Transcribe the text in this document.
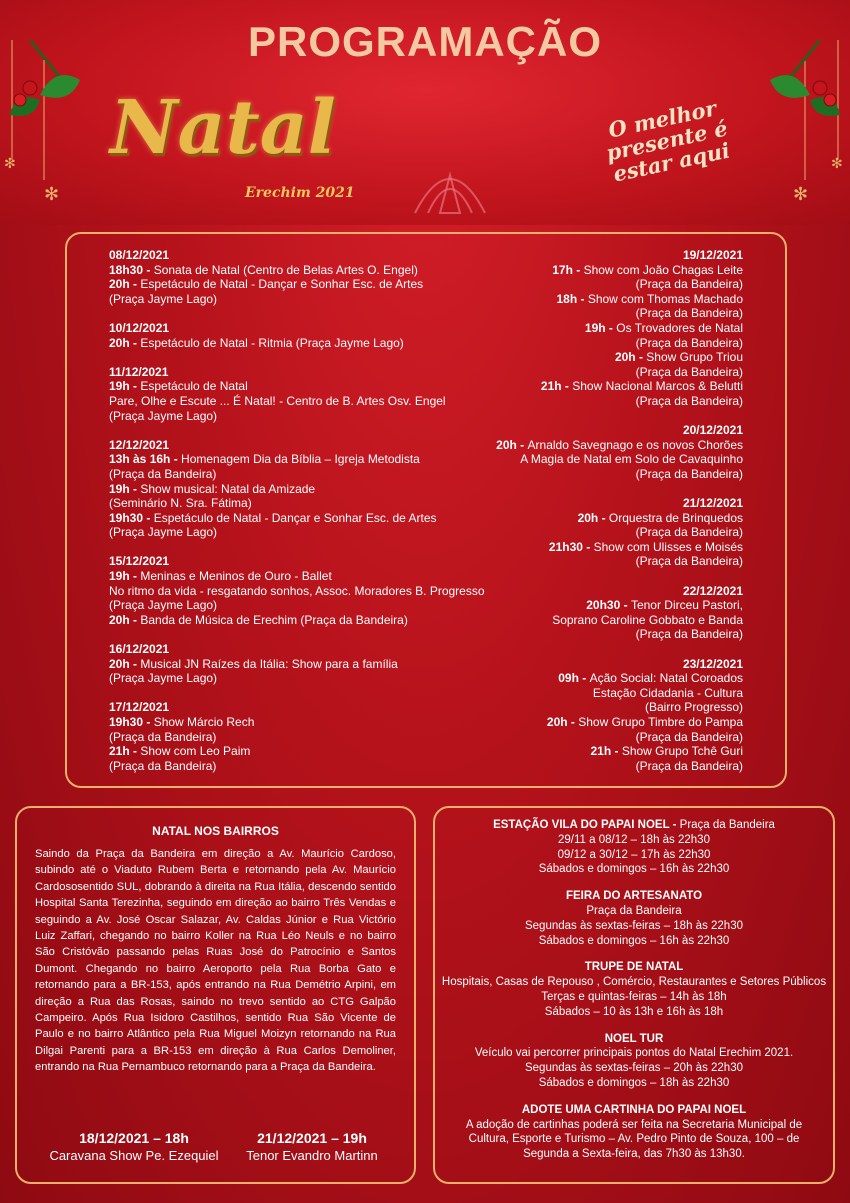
PROGRAMAÇÃO
✻
✻
✻
✻
Natal
Erechim 2021
O melhor presente é estar aqui
08/12/2021
18h30 - Sonata de Natal (Centro de Belas Artes O. Engel)
20h - Espetáculo de Natal - Dançar e Sonhar Esc. de Artes
(Praça Jayme Lago)
10/12/2021
20h - Espetáculo de Natal - Ritmia (Praça Jayme Lago)
11/12/2021
19h - Espetáculo de Natal
Pare, Olhe e Escute ... É Natal! - Centro de B. Artes Osv. Engel
(Praça Jayme Lago)
12/12/2021
13h às 16h - Homenagem Dia da Bíblia – Igreja Metodista
(Praça da Bandeira)
19h - Show musical: Natal da Amizade
(Seminário N. Sra. Fátima)
19h30 - Espetáculo de Natal - Dançar e Sonhar Esc. de Artes
(Praça Jayme Lago)
15/12/2021
19h - Meninas e Meninos de Ouro - Ballet
No ritmo da vida - resgatando sonhos, Assoc. Moradores B. Progresso
(Praça Jayme Lago)
20h - Banda de Música de Erechim (Praça da Bandeira)
16/12/2021
20h - Musical JN Raízes da Itália: Show para a família
(Praça Jayme Lago)
17/12/2021
19h30 - Show Márcio Rech
(Praça da Bandeira)
21h - Show com Leo Paim
(Praça da Bandeira)
19/12/2021
17h - Show com João Chagas Leite
(Praça da Bandeira)
18h - Show com Thomas Machado
(Praça da Bandeira)
19h - Os Trovadores de Natal
(Praça da Bandeira)
20h - Show Grupo Triou
(Praça da Bandeira)
21h - Show Nacional Marcos & Belutti
(Praça da Bandeira)
20/12/2021
20h - Arnaldo Savegnago e os novos Chorões
A Magia de Natal em Solo de Cavaquinho
(Praça da Bandeira)
21/12/2021
20h - Orquestra de Brinquedos
(Praça da Bandeira)
21h30 - Show com Ulisses e Moisés
(Praça da Bandeira)
22/12/2021
20h30 - Tenor Dirceu Pastori,
Soprano Caroline Gobbato e Banda
(Praça da Bandeira)
23/12/2021
09h - Ação Social: Natal Coroados
Estação Cidadania - Cultura
(Bairro Progresso)
20h - Show Grupo Timbre do Pampa
(Praça da Bandeira)
21h - Show Grupo Tchê Guri
(Praça da Bandeira)
NATAL NOS BAIRROS

Saindo da Praça da Bandeira em direção a Av. Maurício Cardoso, subindo até o Viaduto Rubem Berta e retornando pela Av. Maurício Cardososentido SUL, dobrando à direita na Rua Itália, descendo sentido Hospital Santa Terezinha, seguindo em direção ao bairro Três Vendas e seguindo a Av. José Oscar Salazar, Av. Caldas Júnior e Rua Victório Luiz Zaffari, chegando no bairro Koller na Rua Léo Neuls e no bairro São Cristóvão passando pelas Ruas José do Patrocínio e Santos Dumont. Chegando no bairro Aeroporto pela Rua Borba Gato e retornando para a BR-153, após entrando na Rua Demétrio Arpini, em direção a Rua das Rosas, saindo no trevo sentido ao CTG Galpão Campeiro. Após Rua Isidoro Castilhos, sentido Rua São Vicente de Paulo e no bairro Atlântico pela Rua Miguel Moizyn retornando na Rua Dilgai Parenti para a BR-153 em direção à Rua Carlos Demoliner, entrando na Rua Pernambuco retornando para a Praça da Bandeira.

18/12/2021 – 18h
Caravana Show Pe. Ezequiel
21/12/2021 – 19h
Tenor Evandro Martinn
ESTAÇÃO VILA DO PAPAI NOEL - Praça da Bandeira
29/11 a 08/12 – 18h às 22h30
09/12 a 30/12 – 17h às 22h30
Sábados e domingos – 16h às 22h30
FEIRA DO ARTESANATO
Praça da Bandeira
Segundas às sextas-feiras – 18h às 22h30
Sábados e domingos – 16h às 22h30
TRUPE DE NATAL
Hospitais, Casas de Repouso , Comércio, Restaurantes e Setores Públicos
Terças e quintas-feiras – 14h às 18h
Sábados – 10 às 13h e 16h às 18h
NOEL TUR
Veículo vai percorrer principais pontos do Natal Erechim 2021.
Segundas às sextas-feiras – 20h às 22h30
Sábados e domingos – 18h às 22h30
ADOTE UMA CARTINHA DO PAPAI NOEL
A adoção de cartinhas poderá ser feita na Secretaria Municipal de
Cultura, Esporte e Turismo – Av. Pedro Pinto de Souza, 100 – de
Segunda a Sexta-feira, das 7h30 às 13h30.
